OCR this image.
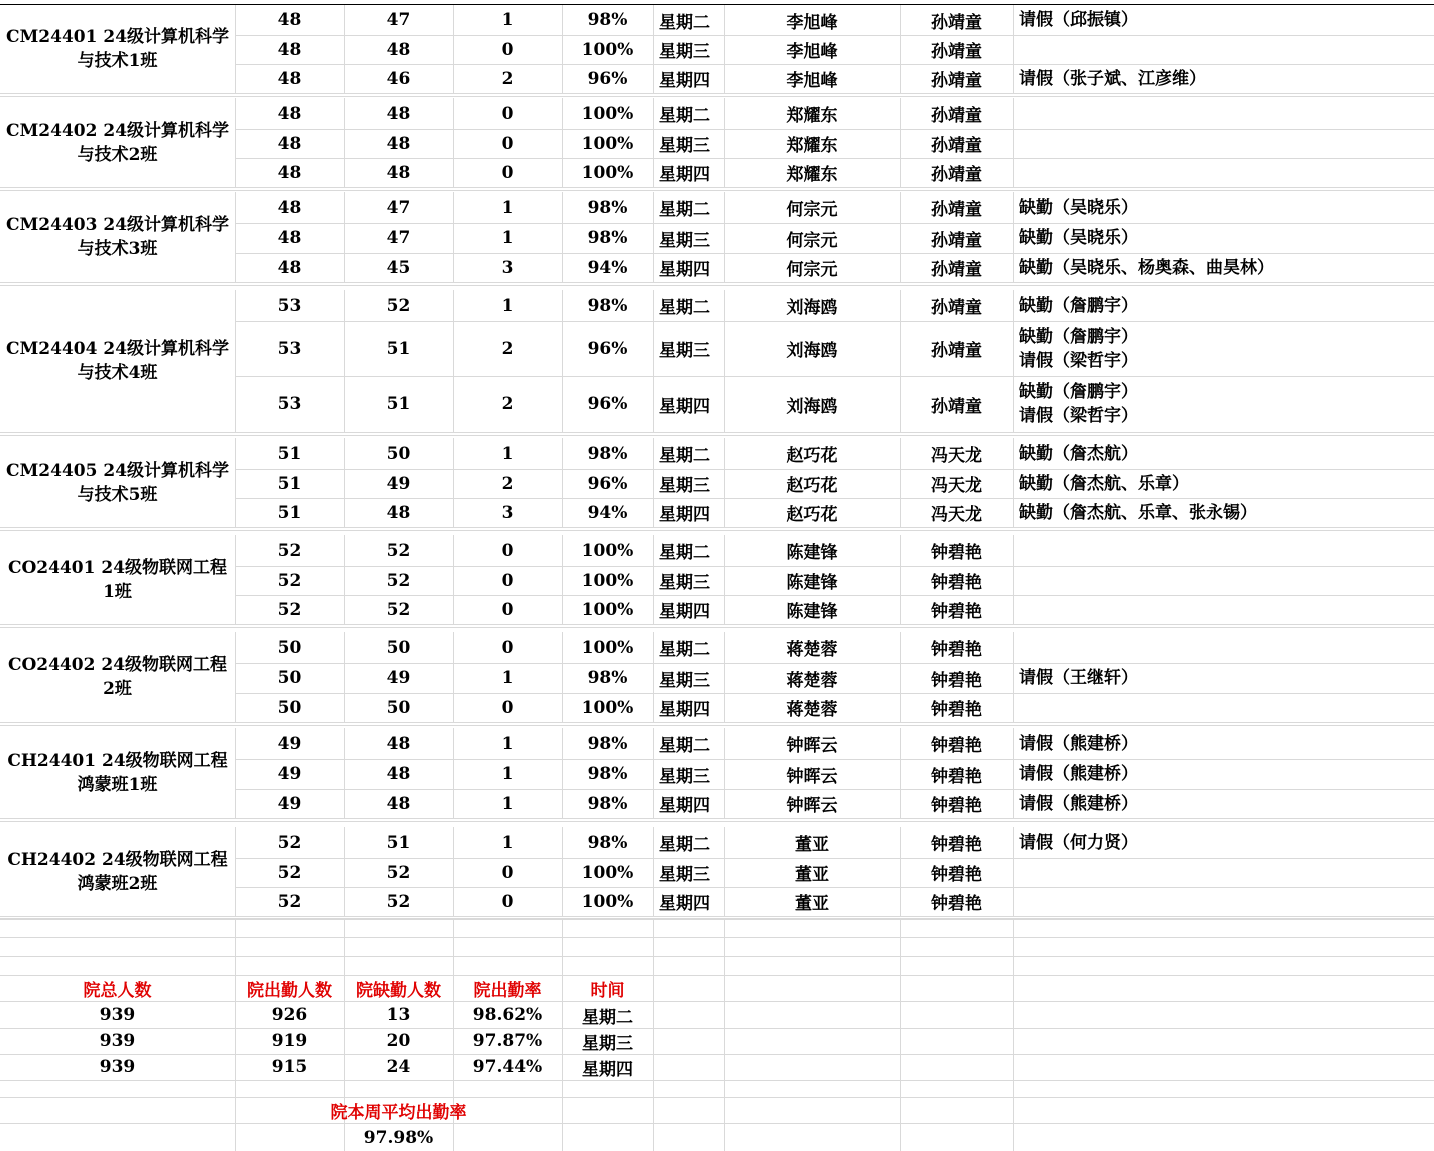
CM24401 24级计算机科学
与技术1班
48	47	1	98%	星期二	李旭峰	孙靖童	请假（邱振镇）
48	48	0	100%	星期三	李旭峰	孙靖童
48	46	2	96%	星期四	李旭峰	孙靖童	请假（张子斌、江彦维）
CM24402 24级计算机科学
与技术2班
48	48	0	100%	星期二	郑耀东	孙靖童
48	48	0	100%	星期三	郑耀东	孙靖童
48	48	0	100%	星期四	郑耀东	孙靖童
CM24403 24级计算机科学
与技术3班
48	47	1	98%	星期二	何宗元	孙靖童	缺勤（吴晓乐）
48	47	1	98%	星期三	何宗元	孙靖童	缺勤（吴晓乐）
48	45	3	94%	星期四	何宗元	孙靖童	缺勤（吴晓乐、杨奥森、曲昊林）
CM24404 24级计算机科学
与技术4班
53	52	1	98%	星期二	刘海鸥	孙靖童	缺勤（詹鹏宇）
53	51	2	96%	星期三	刘海鸥	孙靖童
缺勤（詹鹏宇）
请假（梁哲宇）
53	51	2	96%	星期四	刘海鸥	孙靖童
缺勤（詹鹏宇）
请假（梁哲宇）
CM24405 24级计算机科学
与技术5班
51	50	1	98%	星期二	赵巧花	冯天龙	缺勤（詹杰航）
51	49	2	96%	星期三	赵巧花	冯天龙	缺勤（詹杰航、乐章）
51	48	3	94%	星期四	赵巧花	冯天龙	缺勤（詹杰航、乐章、张永锡）
CO24401 24级物联网工程
1班
52	52	0	100%	星期二	陈建锋	钟碧艳
52	52	0	100%	星期三	陈建锋	钟碧艳
52	52	0	100%	星期四	陈建锋	钟碧艳
CO24402 24级物联网工程
2班
50	50	0	100%	星期二	蒋楚蓉	钟碧艳
50	49	1	98%	星期三	蒋楚蓉	钟碧艳	请假（王继轩）
50	50	0	100%	星期四	蒋楚蓉	钟碧艳
CH24401 24级物联网工程
鸿蒙班1班
49	48	1	98%	星期二	钟晖云	钟碧艳	请假（熊建桥）
49	48	1	98%	星期三	钟晖云	钟碧艳	请假（熊建桥）
49	48	1	98%	星期四	钟晖云	钟碧艳	请假（熊建桥）
CH24402 24级物联网工程
鸿蒙班2班
52	51	1	98%	星期二	董亚	钟碧艳	请假（何力贤）
52	52	0	100%	星期三	董亚	钟碧艳
52	52	0	100%	星期四	董亚	钟碧艳
院总人数	院出勤人数	院缺勤人数	院出勤率	时间
939	926	13	98.62%	星期二
939	919	20	97.87%	星期三
939	915	24	97.44%	星期四
院本周平均出勤率
97.98%
